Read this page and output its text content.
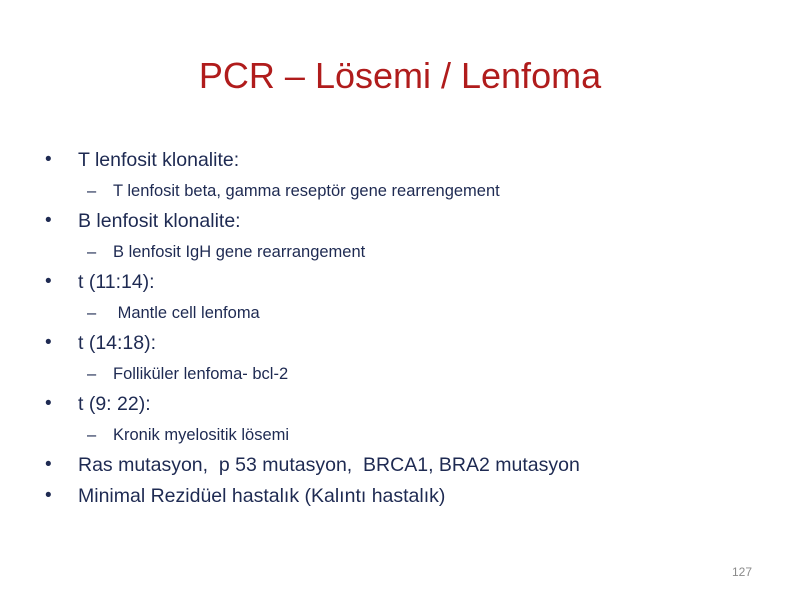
PCR – Lösemi / Lenfoma
• T lenfosit klonalite:
– T lenfosit beta, gamma reseptör gene rearrengement
• B lenfosit klonalite:
– B lenfosit IgH gene rearrangement
• t (11:14):
– Mantle cell lenfoma
• t (14:18):
– Folliküler lenfoma- bcl-2
• t (9: 22):
– Kronik myelositik lösemi
• Ras mutasyon,  p 53 mutasyon,  BRCA1, BRA2 mutasyon
• Minimal Rezidüel hastalık (Kalıntı hastalık)
127
